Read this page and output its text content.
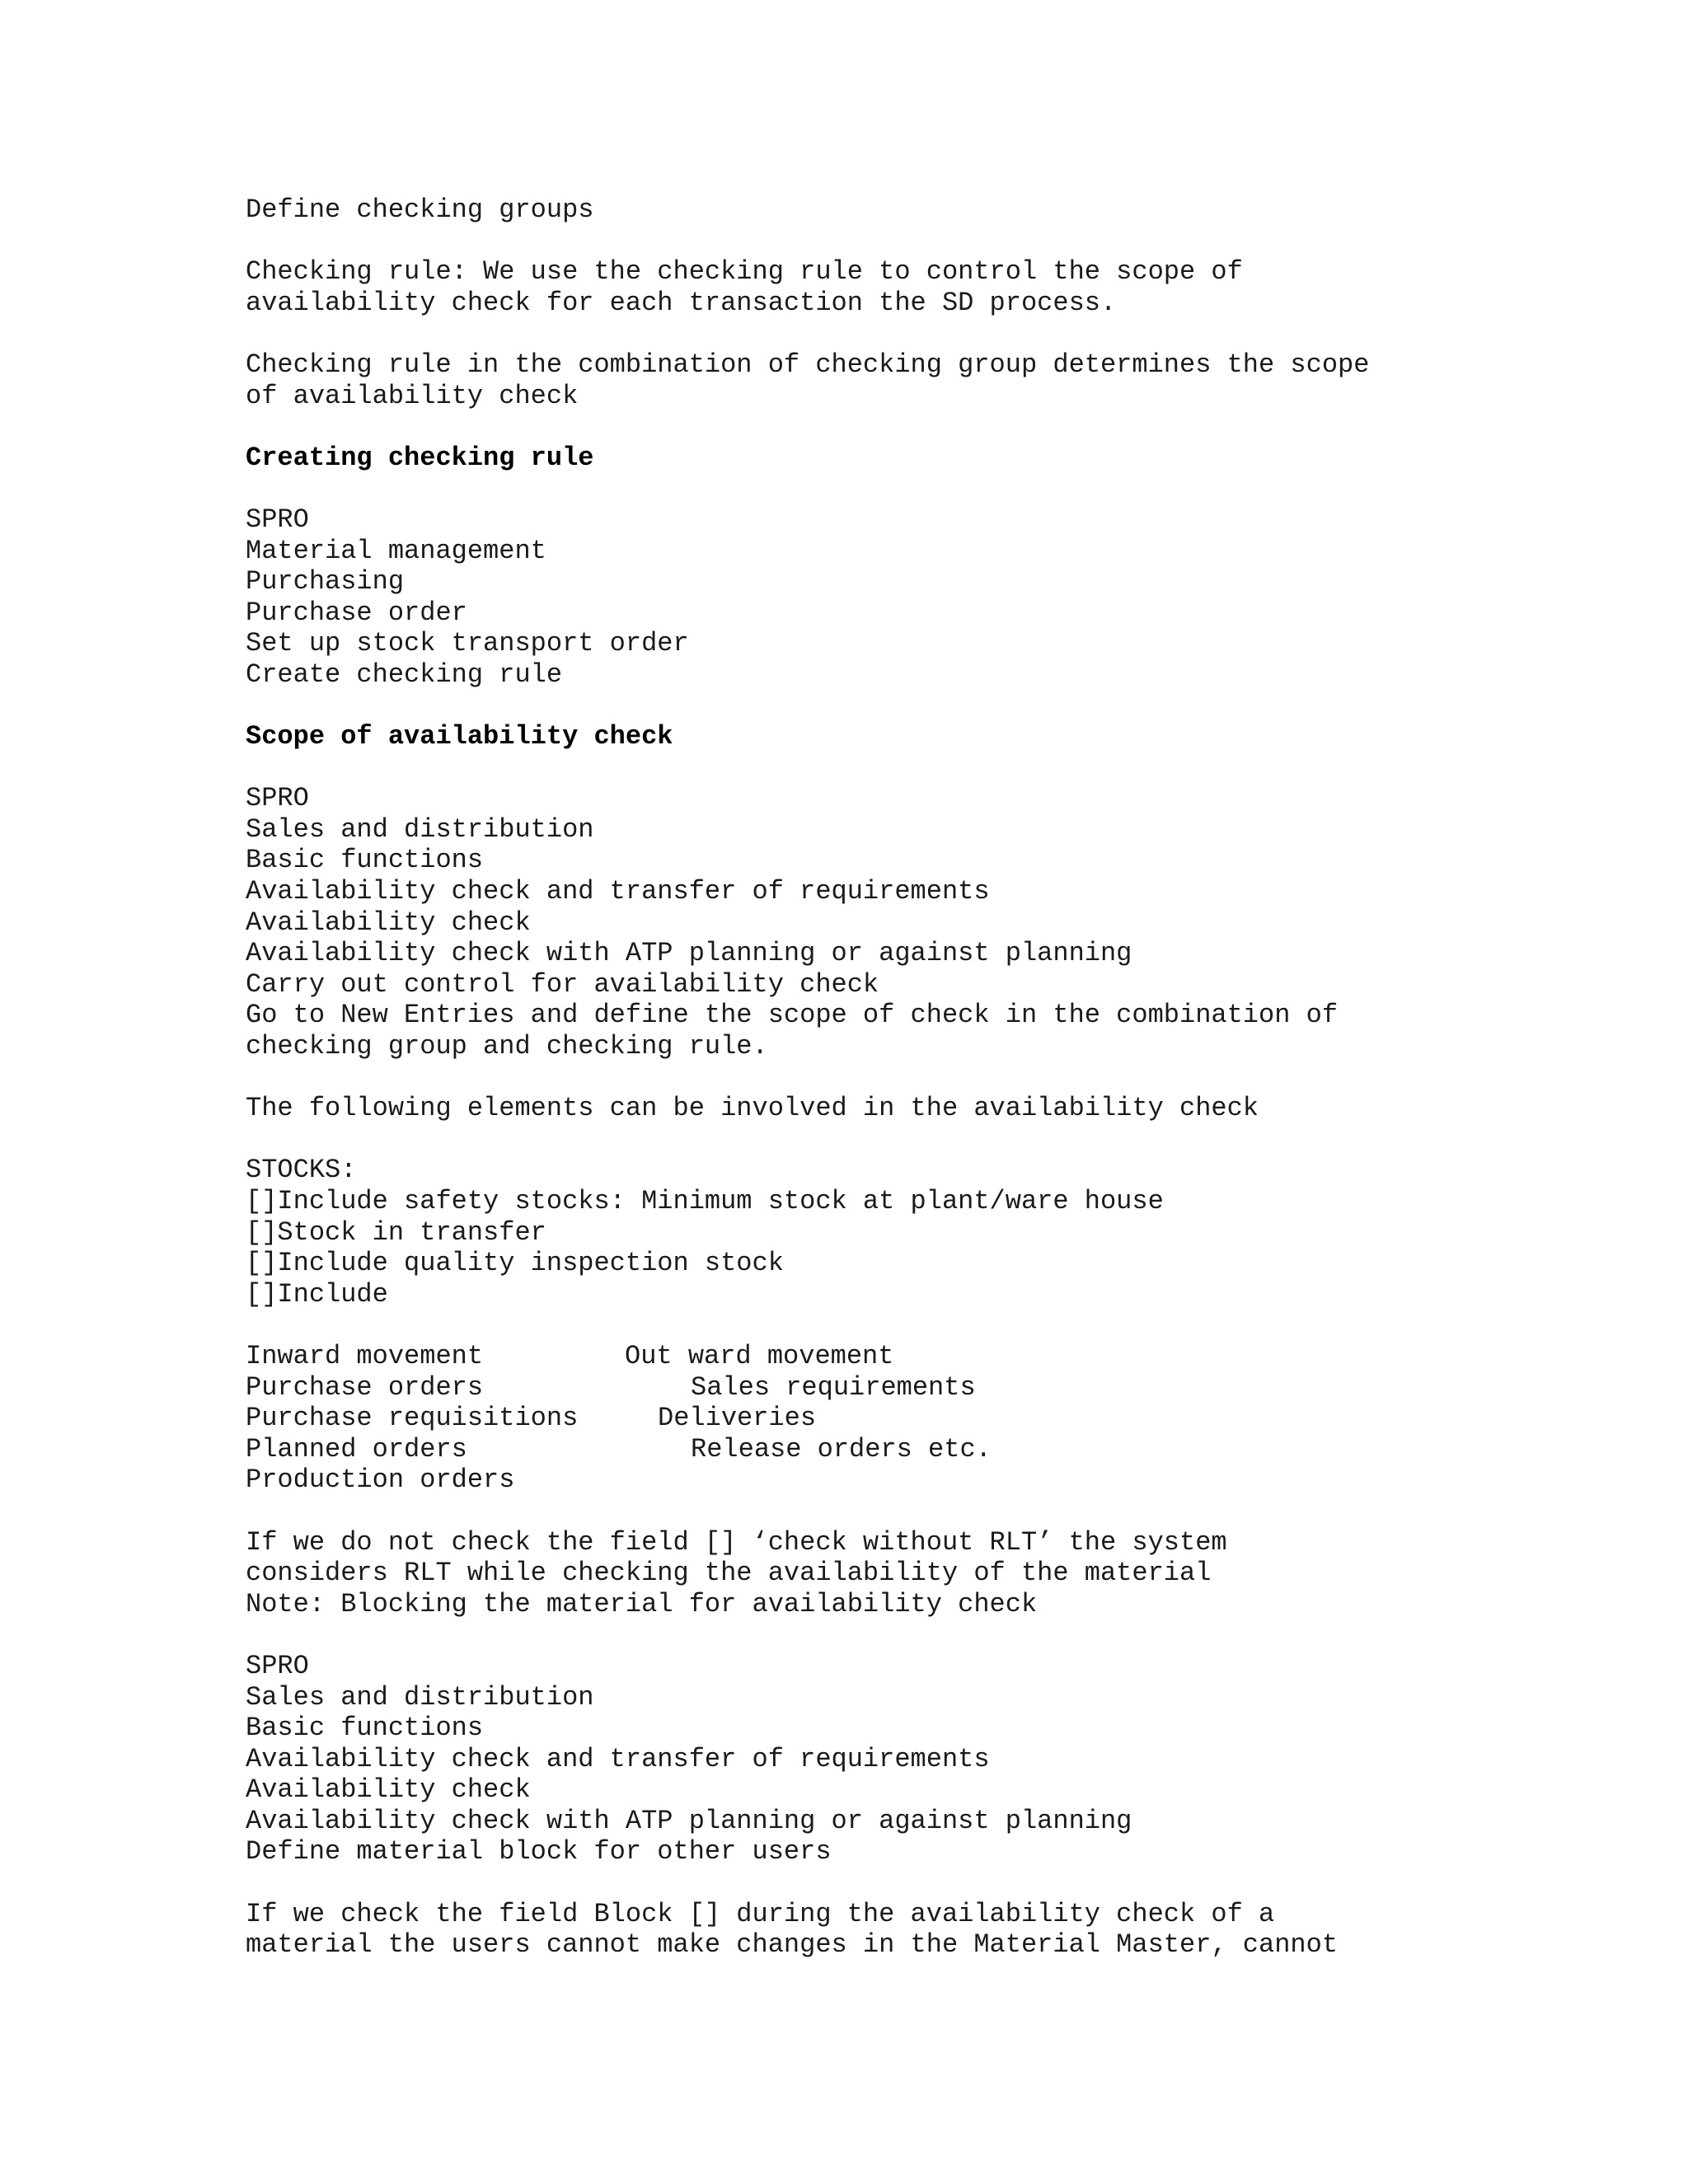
Define checking groups
Checking rule: We use the checking rule to control the scope of
availability check for each transaction the SD process.
Checking rule in the combination of checking group determines the scope
of availability check
Creating checking rule
SPRO
Material management
Purchasing
Purchase order
Set up stock transport order
Create checking rule
Scope of availability check
SPRO
Sales and distribution
Basic functions
Availability check and transfer of requirements
Availability check
Availability check with ATP planning or against planning
Carry out control for availability check
Go to New Entries and define the scope of check in the combination of
checking group and checking rule.
The following elements can be involved in the availability check
STOCKS:
[]Include safety stocks: Minimum stock at plant/ware house
[]Stock in transfer
[]Include quality inspection stock
[]Include
Inward movement	Out ward movement
Purchase orders	Sales requirements
Purchase requisitions	Deliveries
Planned orders	Release orders etc.
Production orders
If we do not check the field [] ‘check without RLT’ the system
considers RLT while checking the availability of the material
Note: Blocking the material for availability check
SPRO
Sales and distribution
Basic functions
Availability check and transfer of requirements
Availability check
Availability check with ATP planning or against planning
Define material block for other users
If we check the field Block [] during the availability check of a
material the users cannot make changes in the Material Master, cannot
